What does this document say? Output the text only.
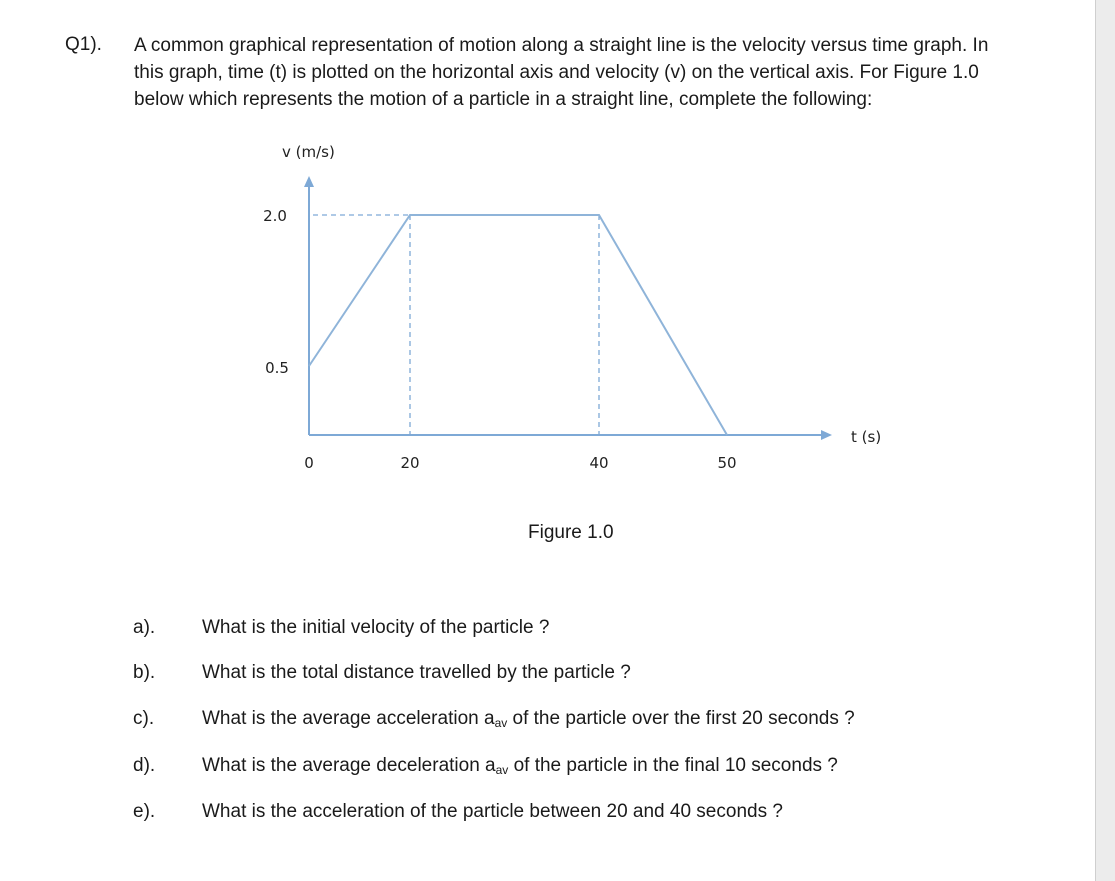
Q1). A common graphical representation of motion along a straight line is the velocity versus time graph. In
this graph, time (t) is plotted on the horizontal axis and velocity (v) on the vertical axis. For Figure 1.0
below which represents the motion of a particle in a straight line, complete the following:
v (m/s)
t (s)
2.0
0.5
0	20	40	50
Figure 1.0
a). What is the initial velocity of the particle ?
b). What is the total distance travelled by the particle ?
c).	What is the average acceleration $a_{av}$ of the particle over the first 20 seconds ?
d). What is the average deceleration $a_{av}$ of the particle in the final 10 seconds ?
e). What is the acceleration of the particle between 20 and 40 seconds ?
